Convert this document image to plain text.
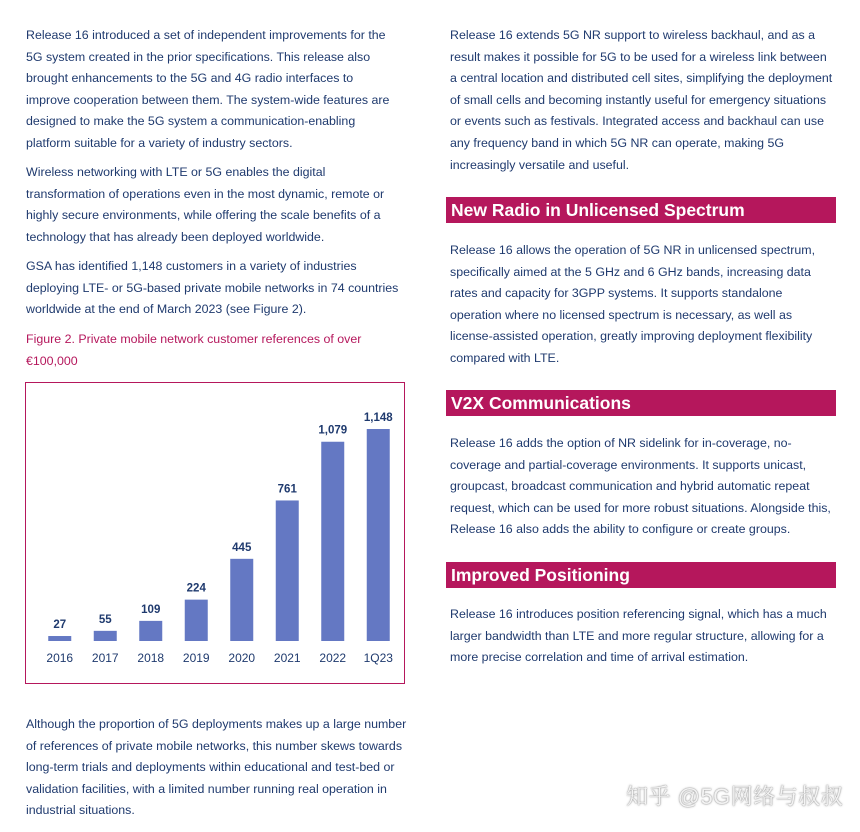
Release 16 introduced a set of independent improvements for the 5G system created in the prior specifications. This release also brought enhancements to the 5G and 4G radio interfaces to improve cooperation between them. The system-wide features are designed to make the 5G system a communication-enabling platform suitable for a variety of industry sectors.

Wireless networking with LTE or 5G enables the digital transformation of operations even in the most dynamic, remote or highly secure environments, while offering the scale benefits of a technology that has already been deployed worldwide.

GSA has identified 1,148 customers in a variety of industries deploying LTE- or 5G-based private mobile networks in 74 countries worldwide at the end of March 2023 (see Figure 2).

Figure 2. Private mobile network customer references of over €100,000
27
2016
55
2017
109
2018
224
2019
445
2020
761
2021
1,079
2022
1,148
1Q23

Although the proportion of 5G deployments makes up a large number of references of private mobile networks, this number skews towards long-term trials and deployments within educational and test-bed or validation facilities, with a limited number running real operation in industrial situations.

Release 16 extends 5G NR support to wireless backhaul, and as a result makes it possible for 5G to be used for a wireless link between a central location and distributed cell sites, simplifying the deployment of small cells and becoming instantly useful for emergency situations or events such as festivals. Integrated access and backhaul can use any frequency band in which 5G NR can operate, making 5G increasingly versatile and useful.

New Radio in Unlicensed Spectrum

Release 16 allows the operation of 5G NR in unlicensed spectrum, specifically aimed at the 5 GHz and 6 GHz bands, increasing data rates and capacity for 3GPP systems. It supports standalone operation where no licensed spectrum is necessary, as well as license-assisted operation, greatly improving deployment flexibility compared with LTE.

V2X Communications

Release 16 adds the option of NR sidelink for in-coverage, no-coverage and partial-coverage environments. It supports unicast, groupcast, broadcast communication and hybrid automatic repeat request, which can be used for more robust situations. Alongside this, Release 16 also adds the ability to configure or create groups.

Improved Positioning

Release 16 introduces position referencing signal, which has a much larger bandwidth than LTE and more regular structure, allowing for a more precise correlation and time of arrival estimation.

知乎 @5G网络与叔叔
